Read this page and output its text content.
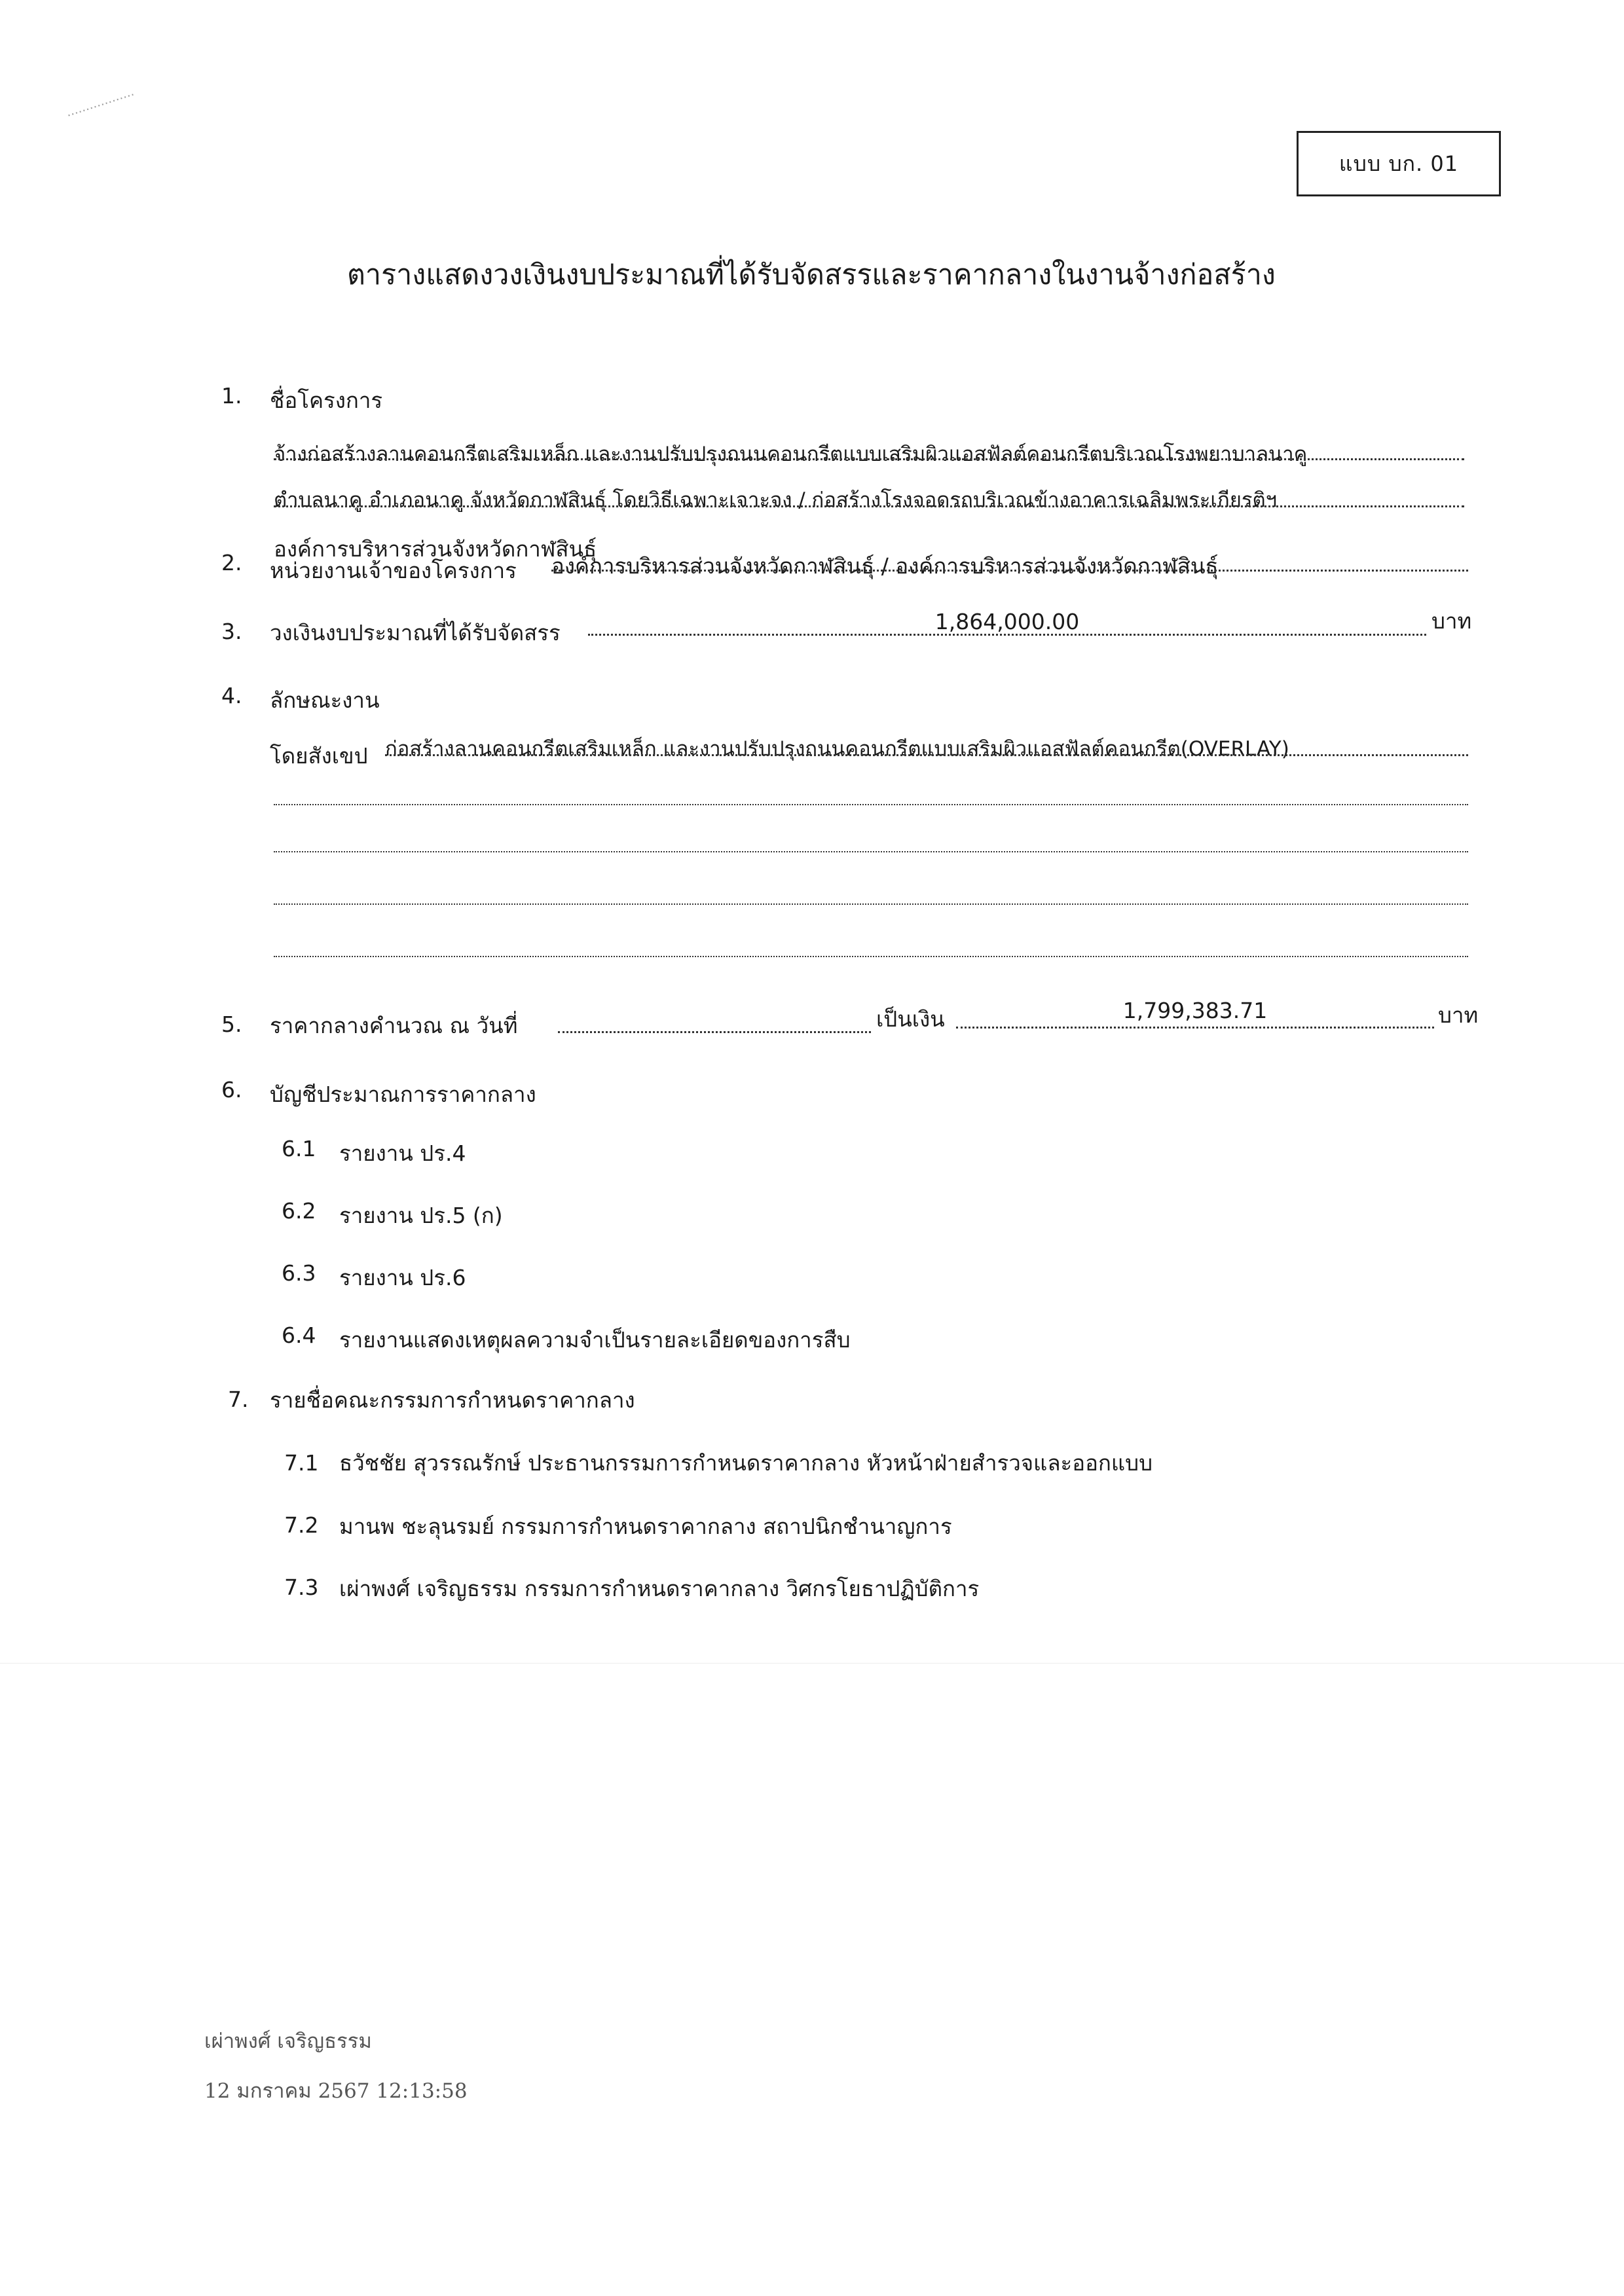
⋯⋯⋯⋯⋯⋯
แบบ บก. 01
ตารางแสดงวงเงินงบประมาณที่ได้รับจัดสรรและราคากลางในงานจ้างก่อสร้าง
1. ชื่อโครงการ
จ้างก่อสร้างลานคอนกรีตเสริมเหล็ก และงานปรับปรุงถนนคอนกรีตแบบเสริมผิวแอสฟัลต์คอนกรีตบริเวณโรงพยาบาลนาคู
ตำบลนาคู อำเภอนาคู จังหวัดกาฬสินธุ์ โดยวิธีเฉพาะเจาะจง / ก่อสร้างโรงจอดรถบริเวณข้างอาคารเฉลิมพระเกียรติฯ
องค์การบริหารส่วนจังหวัดกาฬสินธุ์
2. หน่วยงานเจ้าของโครงการ องค์การบริหารส่วนจังหวัดกาฬสินธุ์ / องค์การบริหารส่วนจังหวัดกาฬสินธุ์
3. วงเงินงบประมาณที่ได้รับจัดสรร	1,864,000.00	บาท
4. ลักษณะงาน
โดยสังเขป ก่อสร้างลานคอนกรีตเสริมเหล็ก และงานปรับปรุงถนนคอนกรีตแบบเสริมผิวแอสฟัลต์คอนกรีต(OVERLAY)
5. ราคากลางคำนวณ ณ วันที่	เป็นเงิน	1,799,383.71	บาท
6. บัญชีประมาณการราคากลาง
6.1 รายงาน ปร.4
6.2 รายงาน ปร.5 (ก)
6.3 รายงาน ปร.6
6.4 รายงานแสดงเหตุผลความจำเป็นรายละเอียดของการสืบ
7. รายชื่อคณะกรรมการกำหนดราคากลาง
7.1 ธวัชชัย สุวรรณรักษ์ ประธานกรรมการกำหนดราคากลาง หัวหน้าฝ่ายสำรวจและออกแบบ
7.2 มานพ ชะลุนรมย์ กรรมการกำหนดราคากลาง สถาปนิกชำนาญการ
7.3 เผ่าพงศ์ เจริญธรรม กรรมการกำหนดราคากลาง วิศกรโยธาปฏิบัติการ
เผ่าพงศ์ เจริญธรรม
12 มกราคม 2567 12:13:58
